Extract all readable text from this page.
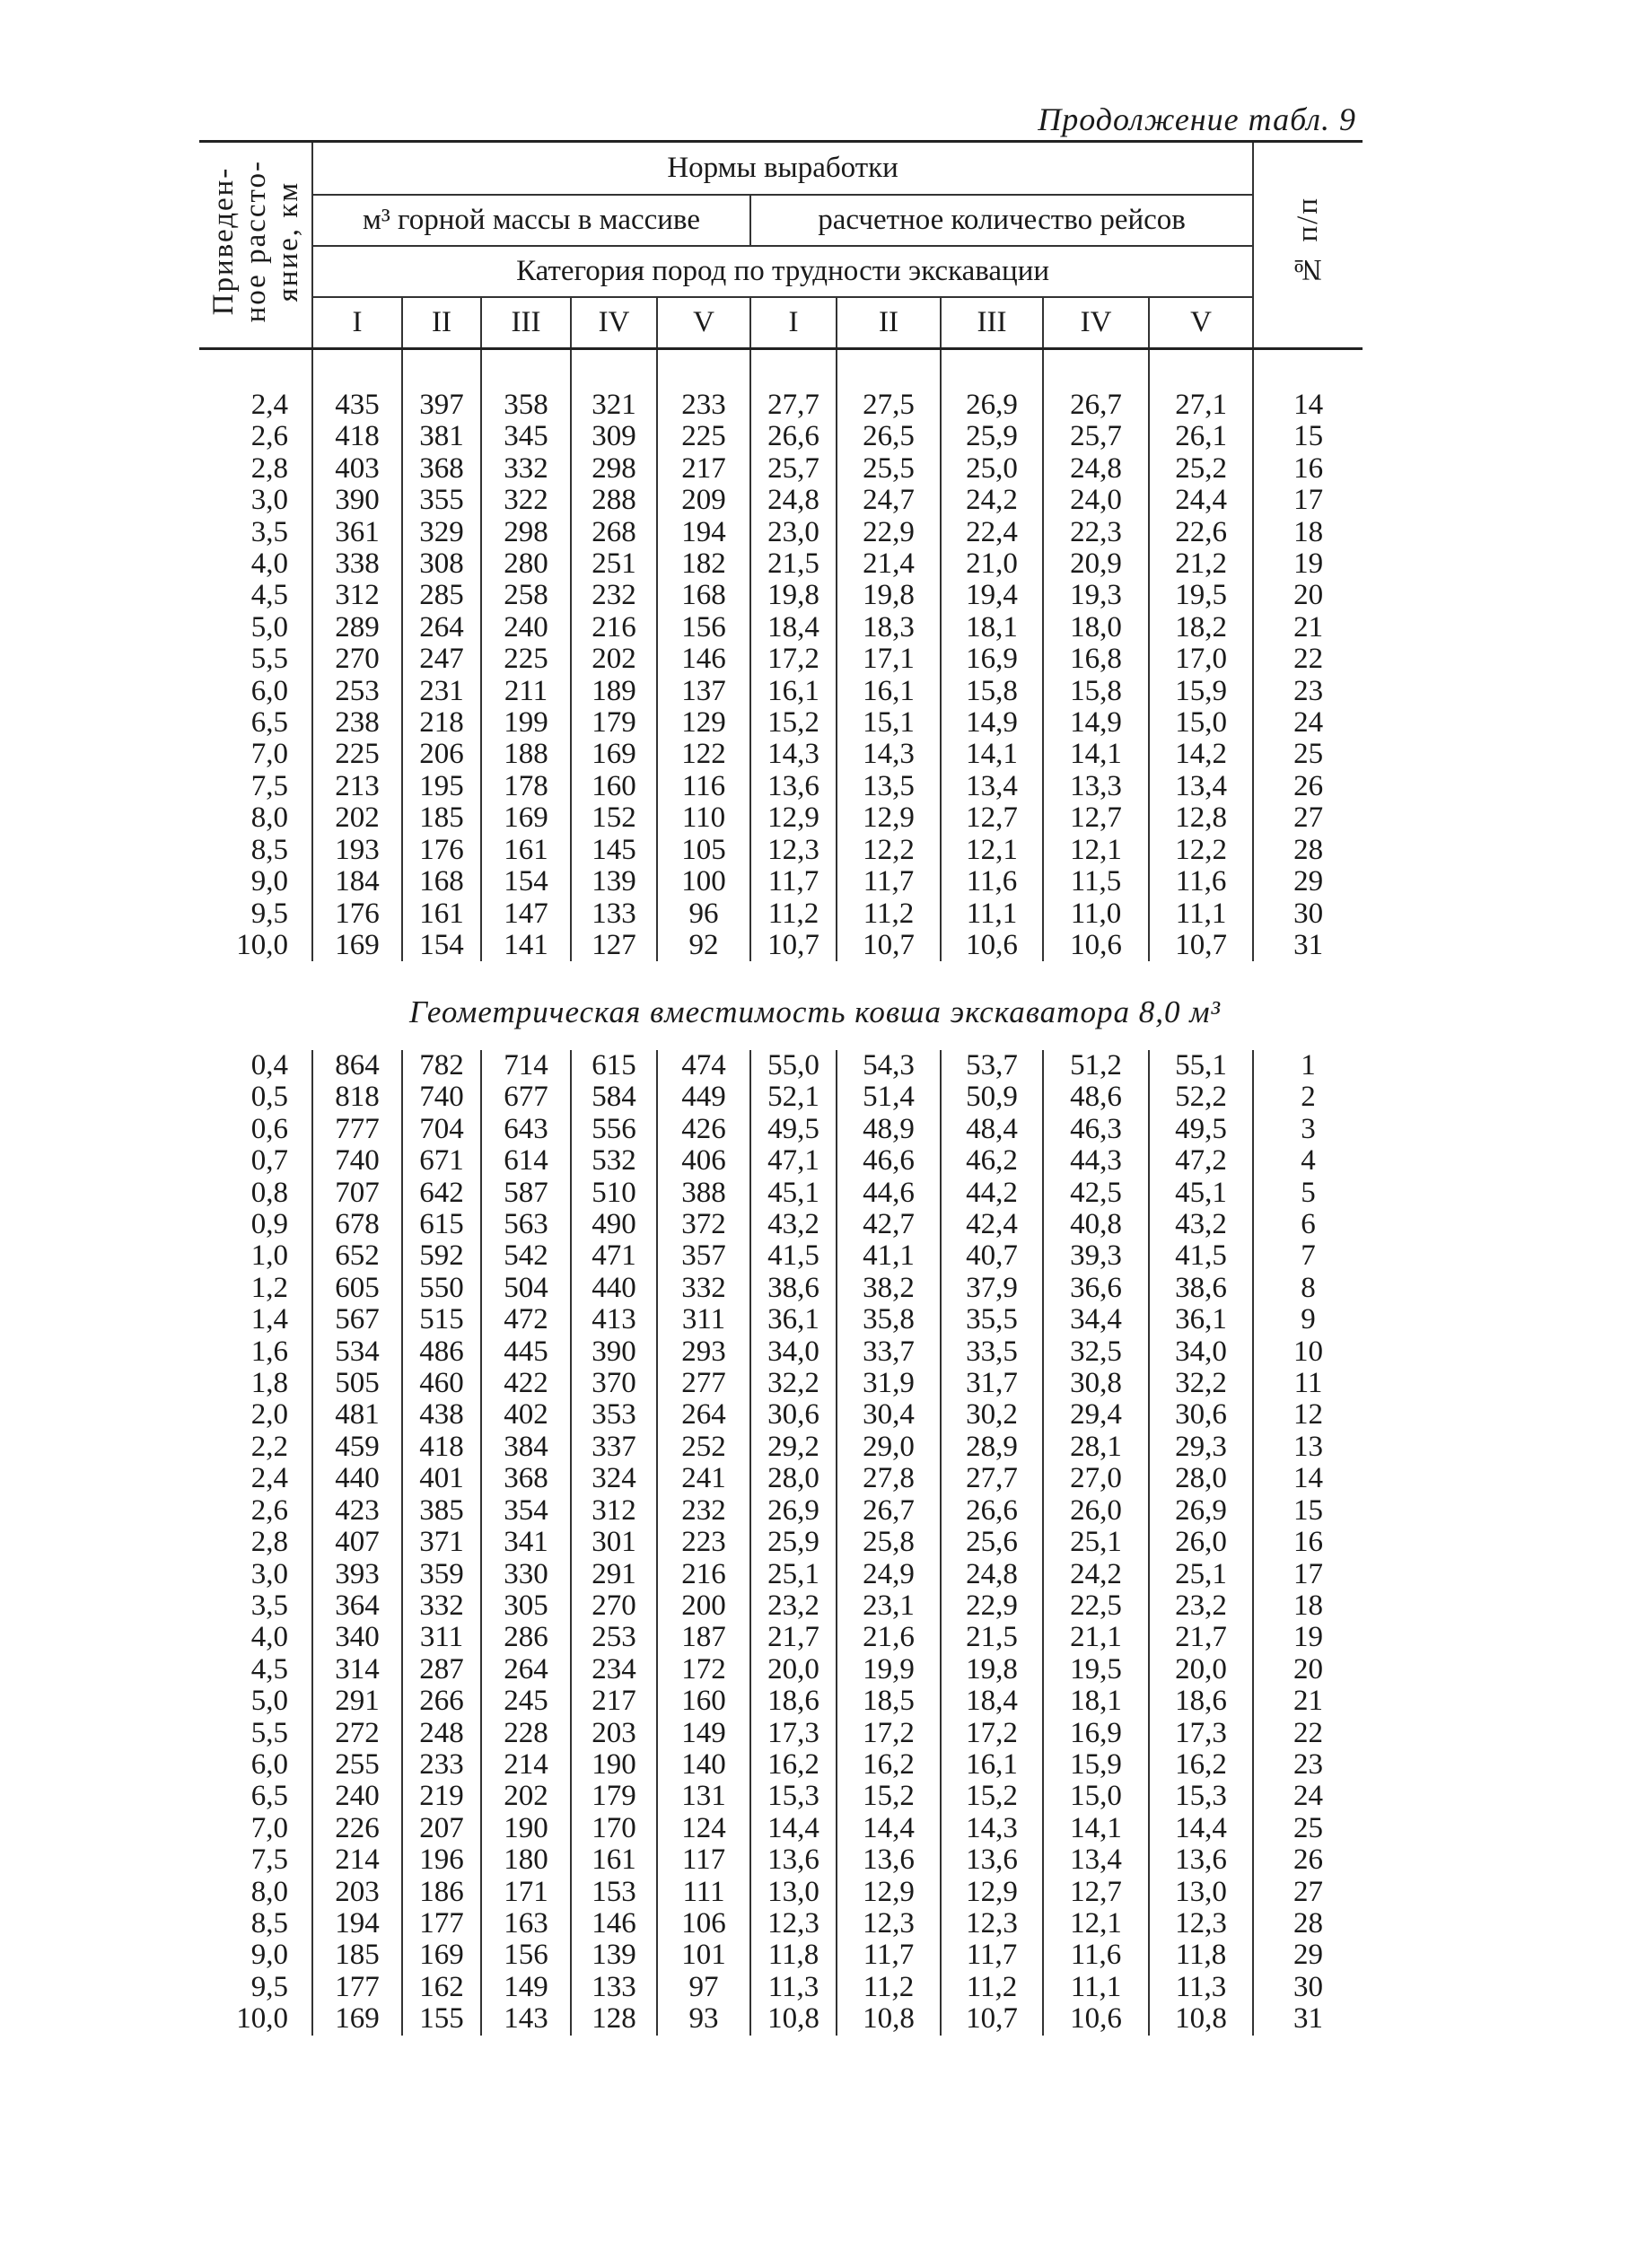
Продолжение табл. 9
Приведен-
ное рассто-
яние, км	Нормы выработки										№ п/п
	м³ горной массы в массиве					расчетное количество рейсов					
	Категория пород по трудности экскавации										
	I	II	III	IV	V	I	II	III	IV	V	

2,4	435	397	358	321	233	27,7	27,5	26,9	26,7	27,1	14
2,6	418	381	345	309	225	26,6	26,5	25,9	25,7	26,1	15
2,8	403	368	332	298	217	25,7	25,5	25,0	24,8	25,2	16
3,0	390	355	322	288	209	24,8	24,7	24,2	24,0	24,4	17
3,5	361	329	298	268	194	23,0	22,9	22,4	22,3	22,6	18
4,0	338	308	280	251	182	21,5	21,4	21,0	20,9	21,2	19
4,5	312	285	258	232	168	19,8	19,8	19,4	19,3	19,5	20
5,0	289	264	240	216	156	18,4	18,3	18,1	18,0	18,2	21
5,5	270	247	225	202	146	17,2	17,1	16,9	16,8	17,0	22
6,0	253	231	211	189	137	16,1	16,1	15,8	15,8	15,9	23
6,5	238	218	199	179	129	15,2	15,1	14,9	14,9	15,0	24
7,0	225	206	188	169	122	14,3	14,3	14,1	14,1	14,2	25
7,5	213	195	178	160	116	13,6	13,5	13,4	13,3	13,4	26
8,0	202	185	169	152	110	12,9	12,9	12,7	12,7	12,8	27
8,5	193	176	161	145	105	12,3	12,2	12,1	12,1	12,2	28
9,0	184	168	154	139	100	11,7	11,7	11,6	11,5	11,6	29
9,5	176	161	147	133	96	11,2	11,2	11,1	11,0	11,1	30
10,0	169	154	141	127	92	10,7	10,7	10,6	10,6	10,7	31
Геометрическая вместимость ковша экскаватора 8,0 м³
0,4	864	782	714	615	474	55,0	54,3	53,7	51,2	55,1	1
0,5	818	740	677	584	449	52,1	51,4	50,9	48,6	52,2	2
0,6	777	704	643	556	426	49,5	48,9	48,4	46,3	49,5	3
0,7	740	671	614	532	406	47,1	46,6	46,2	44,3	47,2	4
0,8	707	642	587	510	388	45,1	44,6	44,2	42,5	45,1	5
0,9	678	615	563	490	372	43,2	42,7	42,4	40,8	43,2	6
1,0	652	592	542	471	357	41,5	41,1	40,7	39,3	41,5	7
1,2	605	550	504	440	332	38,6	38,2	37,9	36,6	38,6	8
1,4	567	515	472	413	311	36,1	35,8	35,5	34,4	36,1	9
1,6	534	486	445	390	293	34,0	33,7	33,5	32,5	34,0	10
1,8	505	460	422	370	277	32,2	31,9	31,7	30,8	32,2	11
2,0	481	438	402	353	264	30,6	30,4	30,2	29,4	30,6	12
2,2	459	418	384	337	252	29,2	29,0	28,9	28,1	29,3	13
2,4	440	401	368	324	241	28,0	27,8	27,7	27,0	28,0	14
2,6	423	385	354	312	232	26,9	26,7	26,6	26,0	26,9	15
2,8	407	371	341	301	223	25,9	25,8	25,6	25,1	26,0	16
3,0	393	359	330	291	216	25,1	24,9	24,8	24,2	25,1	17
3,5	364	332	305	270	200	23,2	23,1	22,9	22,5	23,2	18
4,0	340	311	286	253	187	21,7	21,6	21,5	21,1	21,7	19
4,5	314	287	264	234	172	20,0	19,9	19,8	19,5	20,0	20
5,0	291	266	245	217	160	18,6	18,5	18,4	18,1	18,6	21
5,5	272	248	228	203	149	17,3	17,2	17,2	16,9	17,3	22
6,0	255	233	214	190	140	16,2	16,2	16,1	15,9	16,2	23
6,5	240	219	202	179	131	15,3	15,2	15,2	15,0	15,3	24
7,0	226	207	190	170	124	14,4	14,4	14,3	14,1	14,4	25
7,5	214	196	180	161	117	13,6	13,6	13,6	13,4	13,6	26
8,0	203	186	171	153	111	13,0	12,9	12,9	12,7	13,0	27
8,5	194	177	163	146	106	12,3	12,3	12,3	12,1	12,3	28
9,0	185	169	156	139	101	11,8	11,7	11,7	11,6	11,8	29
9,5	177	162	149	133	97	11,3	11,2	11,2	11,1	11,3	30
10,0	169	155	143	128	93	10,8	10,8	10,7	10,6	10,8	31
